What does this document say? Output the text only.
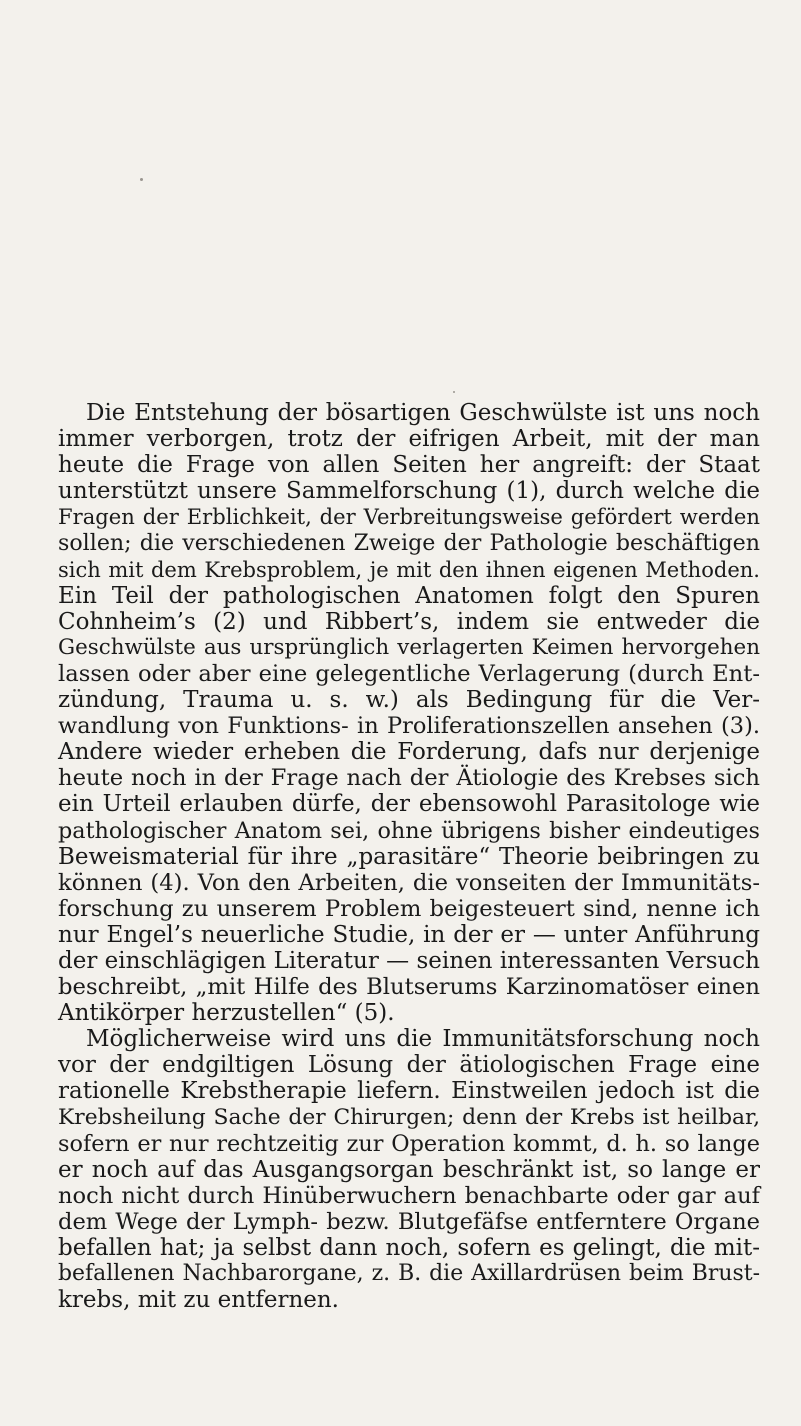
Die Entstehung der bösartigen Geschwülste ist uns noch
immer verborgen, trotz der eifrigen Arbeit, mit der man
heute die Frage von allen Seiten her angreift: der Staat
unterstützt unsere Sammelforschung (1), durch welche die
Fragen der Erblichkeit, der Verbreitungsweise gefördert werden
sollen; die verschiedenen Zweige der Pathologie beschäftigen
sich mit dem Krebsproblem, je mit den ihnen eigenen Methoden.
Ein Teil der pathologischen Anatomen folgt den Spuren
Cohnheim’s (2) und Ribbert’s, indem sie entweder die
Geschwülste aus ursprünglich verlagerten Keimen hervorgehen
lassen oder aber eine gelegentliche Verlagerung (durch Ent-
zündung, Trauma u. s. w.) als Bedingung für die Ver-
wandlung von Funktions- in Proliferationszellen ansehen (3).
Andere wieder erheben die Forderung, dafs nur derjenige
heute noch in der Frage nach der Ätiologie des Krebses sich
ein Urteil erlauben dürfe, der ebensowohl Parasitologe wie
pathologischer Anatom sei, ohne übrigens bisher eindeutiges
Beweismaterial für ihre „parasitäre“ Theorie beibringen zu
können (4). Von den Arbeiten, die vonseiten der Immunitäts-
forschung zu unserem Problem beigesteuert sind, nenne ich
nur Engel’s neuerliche Studie, in der er — unter Anführung
der einschlägigen Literatur — seinen interessanten Versuch
beschreibt, „mit Hilfe des Blutserums Karzinomatöser einen
Antikörper herzustellen“ (5).
Möglicherweise wird uns die Immunitätsforschung noch
vor der endgiltigen Lösung der ätiologischen Frage eine
rationelle Krebstherapie liefern. Einstweilen jedoch ist die
Krebsheilung Sache der Chirurgen; denn der Krebs ist heilbar,
sofern er nur rechtzeitig zur Operation kommt, d. h. so lange
er noch auf das Ausgangsorgan beschränkt ist, so lange er
noch nicht durch Hinüberwuchern benachbarte oder gar auf
dem Wege der Lymph- bezw. Blutgefäfse entferntere Organe
befallen hat; ja selbst dann noch, sofern es gelingt, die mit-
befallenen Nachbarorgane, z. B. die Axillardrüsen beim Brust-
krebs, mit zu entfernen.
